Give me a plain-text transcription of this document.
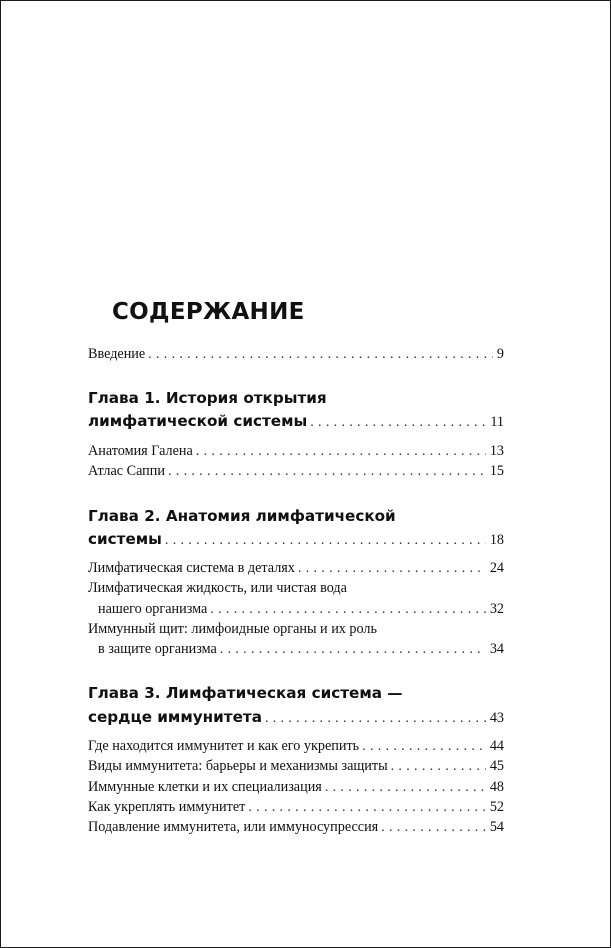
СОДЕРЖАНИЕ
Введение . . .	9
Глава 1. История открытия
лимфатической системы . . .	11
Анатомия Галена . . .	13
Атлас Саппи . . .	15
Глава 2. Анатомия лимфатической
системы . . .	18
Лимфатическая система в деталях . . .	24
Лимфатическая жидкость, или чистая вода
нашего организма . . .	32
Иммунный щит: лимфоидные органы и их роль
в защите организма . . .	34
Глава 3. Лимфатическая система —
сердце иммунитета . . .	43
Где находится иммунитет и как его укрепить . . .	44
Виды иммунитета: барьеры и механизмы защиты . . .	45
Иммунные клетки и их специализация . . .	48
Как укреплять иммунитет . . .	52
Подавление иммунитета, или иммуносупрессия . . .	54
